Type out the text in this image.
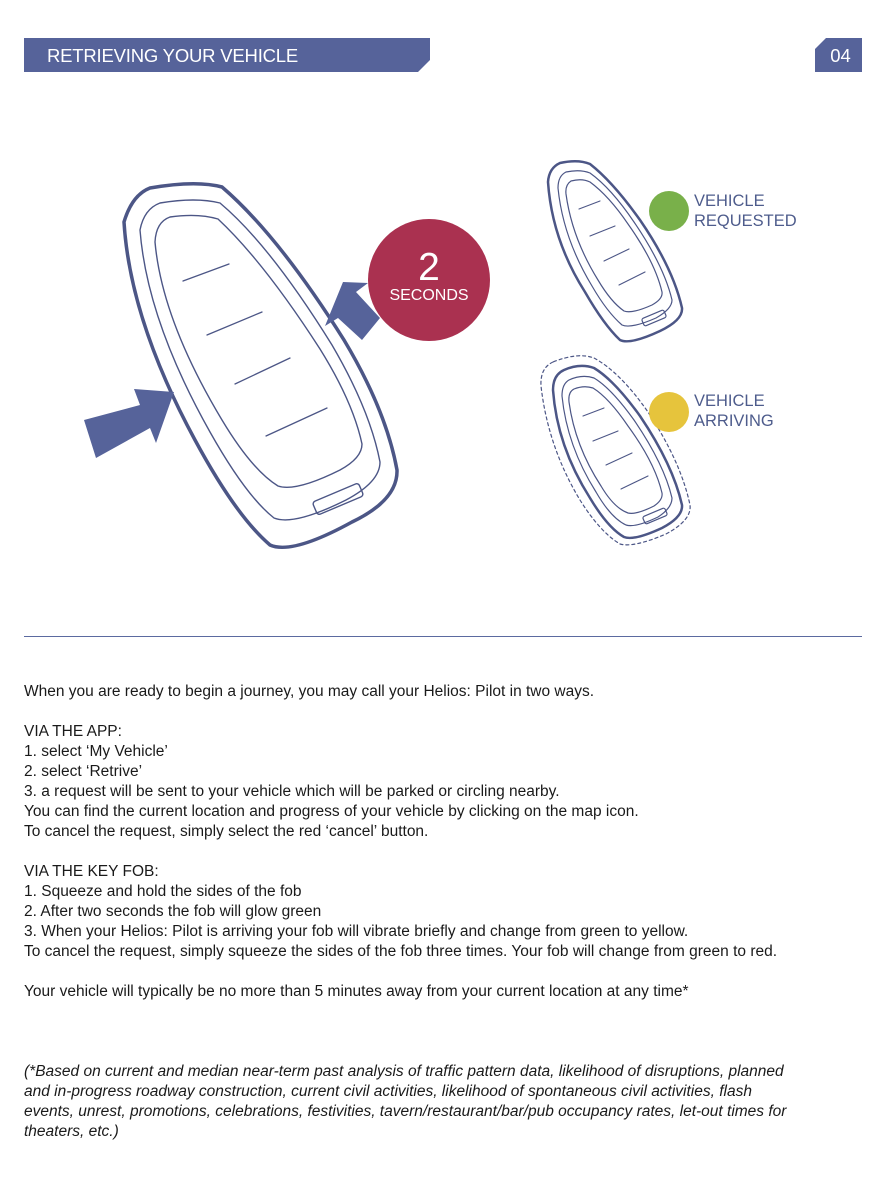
RETRIEVING YOUR VEHICLE	04
2
SECONDS
VEHICLE
REQUESTED
VEHICLE
ARRIVING

When you are ready to begin a journey, you may call your Helios: Pilot in two ways.

VIA THE APP:

1. select ‘My Vehicle’

2. select ‘Retrive’

3. a request will be sent to your vehicle which will be parked or circling nearby.

You can find the current location and progress of your vehicle by clicking on the map icon.

To cancel the request, simply select the red ‘cancel’ button.

VIA THE KEY FOB:

1. Squeeze and hold the sides of the fob

2. After two seconds the fob will glow green

3. When your Helios: Pilot is arriving your fob will vibrate briefly and change from green to yellow.

To cancel the request, simply squeeze the sides of the fob three times. Your fob will change from green to red.

Your vehicle will typically be no more than 5 minutes away from your current location at any time*

(*Based on current and median near-term past analysis of traffic pattern data, likelihood of disruptions, planned

and in-progress roadway construction, current civil activities, likelihood of spontaneous civil activities, flash

events, unrest, promotions, celebrations, festivities, tavern/restaurant/bar/pub occupancy rates, let-out times for

theaters, etc.)
